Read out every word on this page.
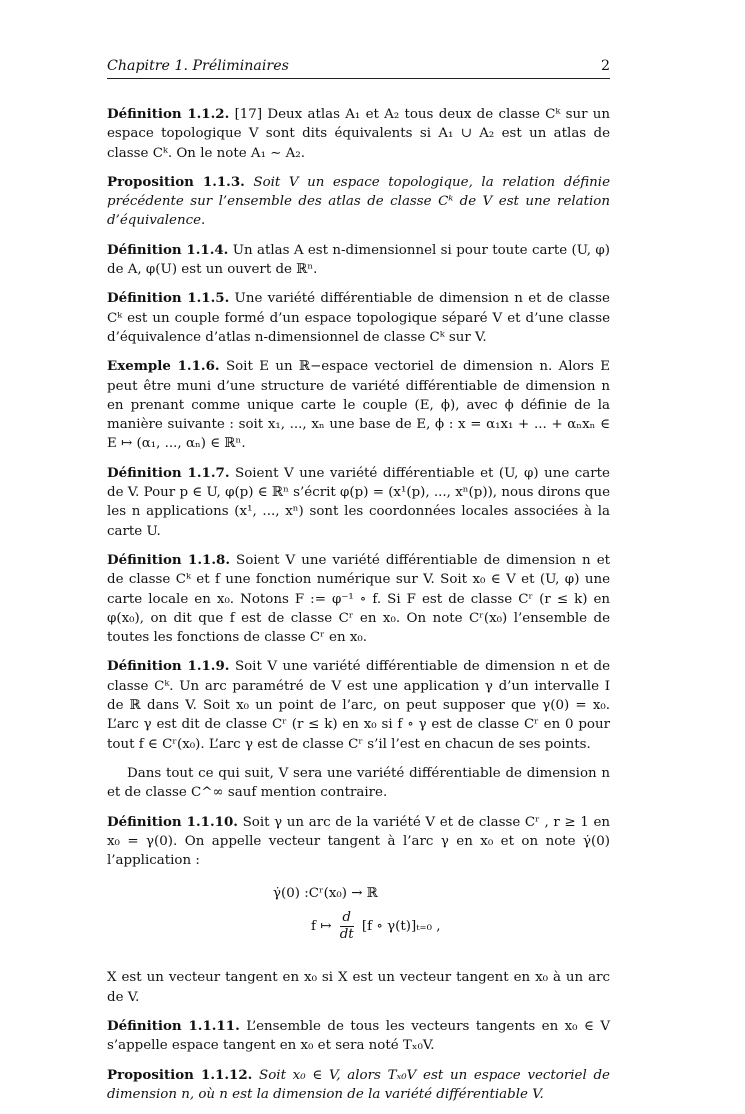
Chapitre 1. Préliminaires	2

Définition 1.1.2. [17] Deux atlas A₁ et A₂ tous deux de classe Cᵏ sur un espace topologique V sont dits équivalents si A₁ ∪ A₂ est un atlas de classe Cᵏ. On le note A₁ ∼ A₂.

Proposition 1.1.3. Soit V un espace topologique, la relation définie précédente sur l’ensemble des atlas de classe Cᵏ de V est une relation d’équivalence.

Définition 1.1.4. Un atlas A est n-dimensionnel si pour toute carte (U, φ) de A, φ(U) est un ouvert de ℝⁿ.

Définition 1.1.5. Une variété différentiable de dimension n et de classe Cᵏ est un couple formé d’un espace topologique séparé V et d’une classe d’équivalence d’atlas n-dimensionnel de classe Cᵏ sur V.

Exemple 1.1.6. Soit E un ℝ−espace vectoriel de dimension n. Alors E peut être muni d’une structure de variété différentiable de dimension n en prenant comme unique carte le couple (E, ϕ), avec ϕ définie de la manière suivante : soit x₁, ..., xₙ une base de E, ϕ : x = α₁x₁ + ... + αₙxₙ ∈ E ↦ (α₁, ..., αₙ) ∈ ℝⁿ.

Définition 1.1.7. Soient V une variété différentiable et (U, φ) une carte de V. Pour p ∈ U, φ(p) ∈ ℝⁿ s’écrit φ(p) = (x¹(p), ..., xⁿ(p)), nous dirons que les n applications (x¹, ..., xⁿ) sont les coordonnées locales associées à la carte U.

Définition 1.1.8. Soient V une variété différentiable de dimension n et de classe Cᵏ et f une fonction numérique sur V. Soit x₀ ∈ V et (U, φ) une carte locale en x₀. Notons F := φ⁻¹ ∘ f. Si F est de classe Cʳ (r ≤ k) en φ(x₀), on dit que f est de classe Cʳ en x₀. On note Cʳ(x₀) l’ensemble de toutes les fonctions de classe Cʳ en x₀.

Définition 1.1.9. Soit V une variété différentiable de dimension n et de classe Cᵏ. Un arc paramétré de V est une application γ d’un intervalle I de ℝ dans V. Soit x₀ un point de l’arc, on peut supposer que γ(0) = x₀. L’arc γ est dit de classe Cʳ (r ≤ k) en x₀ si f ∘ γ est de classe Cʳ en 0 pour tout f ∈ Cʳ(x₀). L’arc γ est de classe Cʳ s’il l’est en chacun de ses points.

Dans tout ce qui suit, V sera une variété différentiable de dimension n et de classe C^∞ sauf mention contraire.

Définition 1.1.10. Soit γ un arc de la variété V et de classe Cʳ , r ≥ 1 en x₀ = γ(0). On appelle vecteur tangent à l’arc γ en x₀ et on note γ̇(0) l’application :

γ̇(0) :Cʳ(x₀) → ℝ
f ↦ $\frac{d}{dt} [f$ ∘ γ(t)]ₜ₌₀ ,

X est un vecteur tangent en x₀ si X est un vecteur tangent en x₀ à un arc de V.

Définition 1.1.11. L’ensemble de tous les vecteurs tangents en x₀ ∈ V s’appelle espace tangent en x₀ et sera noté Tₓ₀V.

Proposition 1.1.12. Soit x₀ ∈ V, alors Tₓ₀V est un espace vectoriel de dimension n, où n est la dimension de la variété différentiable V.
